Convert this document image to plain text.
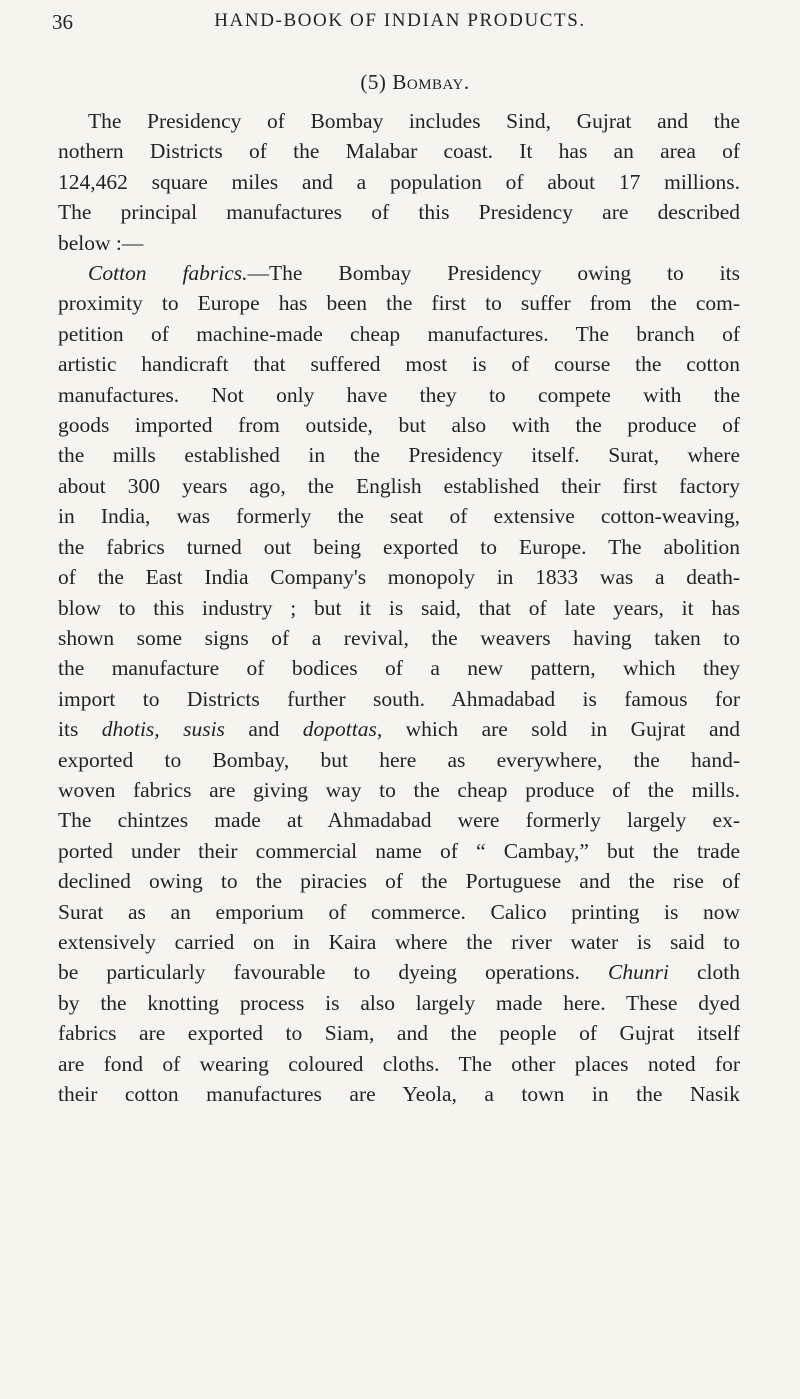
36	HAND-BOOK OF INDIAN PRODUCTS.
(5) Bombay.
The Presidency of Bombay includes Sind, Gujrat and the
nothern Districts of the Malabar coast. It has an area of
124,462 square miles and a population of about 17 millions.
The principal manufactures of this Presidency are described
below :—
Cotton fabrics.—The Bombay Presidency owing to its
proximity to Europe has been the first to suffer from the com-
petition of machine-made cheap manufactures. The branch of
artistic handicraft that suffered most is of course the cotton
manufactures. Not only have they to compete with the
goods imported from outside, but also with the produce of
the mills established in the Presidency itself. Surat, where
about 300 years ago, the English established their first factory
in India, was formerly the seat of extensive cotton-weaving,
the fabrics turned out being exported to Europe. The abolition
of the East India Company's monopoly in 1833 was a death-
blow to this industry ; but it is said, that of late years, it has
shown some signs of a revival, the weavers having taken to
the manufacture of bodices of a new pattern, which they
import to Districts further south. Ahmadabad is famous for
its dhotis, susis and dopottas, which are sold in Gujrat and
exported to Bombay, but here as everywhere, the hand-
woven fabrics are giving way to the cheap produce of the mills.
The chintzes made at Ahmadabad were formerly largely ex-
ported under their commercial name of “ Cambay,” but the trade
declined owing to the piracies of the Portuguese and the rise of
Surat as an emporium of commerce. Calico printing is now
extensively carried on in Kaira where the river water is said to
be particularly favourable to dyeing operations. Chunri cloth
by the knotting process is also largely made here. These dyed
fabrics are exported to Siam, and the people of Gujrat itself
are fond of wearing coloured cloths. The other places noted for
their cotton manufactures are Yeola, a town in the Nasik
